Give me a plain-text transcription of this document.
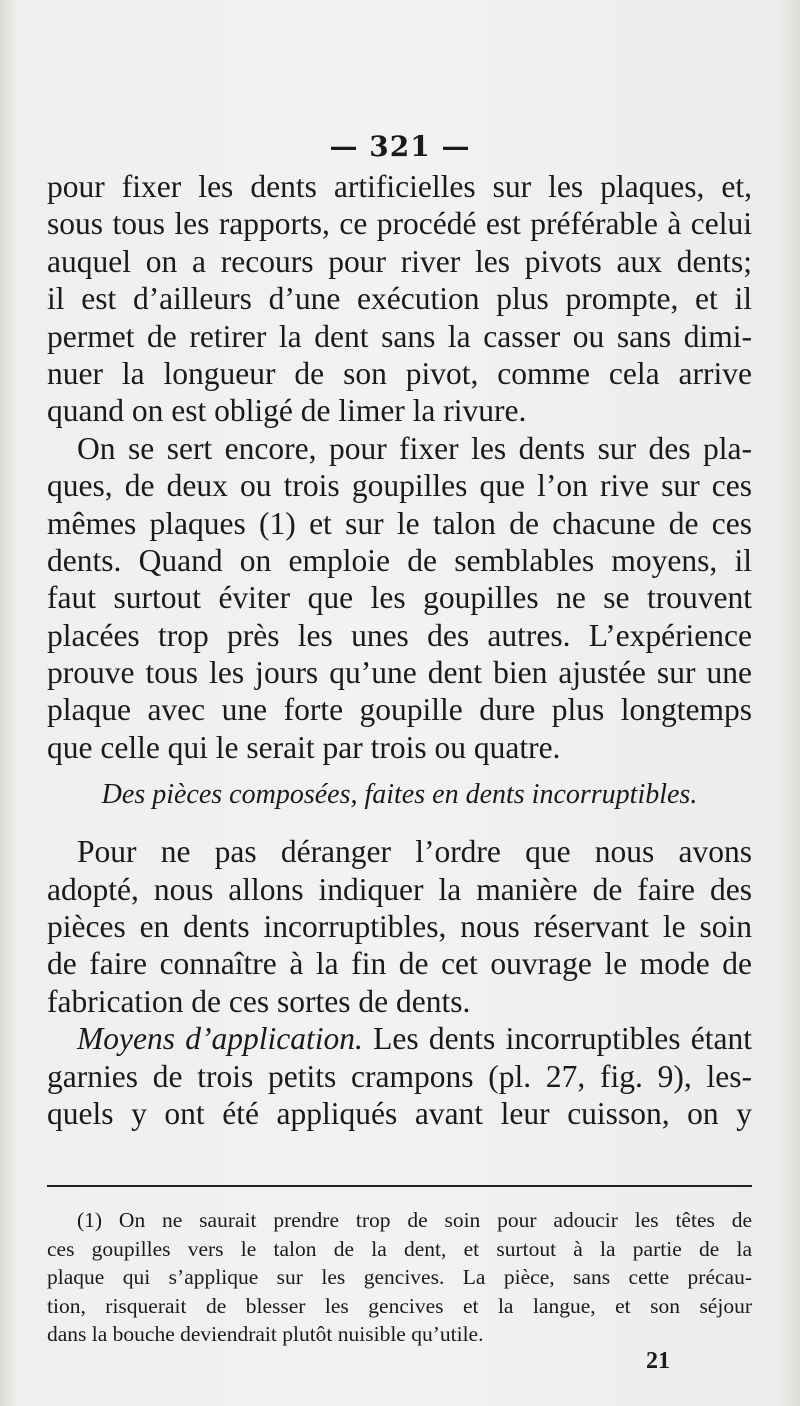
— 321 —
pour fixer les dents artificielles sur les plaques, et,
sous tous les rapports, ce procédé est préférable à celui
auquel on a recours pour river les pivots aux dents;
il est d’ailleurs d’une exécution plus prompte, et il
permet de retirer la dent sans la casser ou sans dimi-
nuer la longueur de son pivot, comme cela arrive
quand on est obligé de limer la rivure.
On se sert encore, pour fixer les dents sur des pla-
ques, de deux ou trois goupilles que l’on rive sur ces
mêmes plaques (1) et sur le talon de chacune de ces
dents. Quand on emploie de semblables moyens, il
faut surtout éviter que les goupilles ne se trouvent
placées trop près les unes des autres. L’expérience
prouve tous les jours qu’une dent bien ajustée sur une
plaque avec une forte goupille dure plus longtemps
que celle qui le serait par trois ou quatre.
Des pièces composées, faites en dents incorruptibles.
Pour ne pas déranger l’ordre que nous avons
adopté, nous allons indiquer la manière de faire des
pièces en dents incorruptibles, nous réservant le soin
de faire connaître à la fin de cet ouvrage le mode de
fabrication de ces sortes de dents.
Moyens d’application. Les dents incorruptibles étant
garnies de trois petits crampons (pl. 27, fig. 9), les-
quels y ont été appliqués avant leur cuisson, on y
(1) On ne saurait prendre trop de soin pour adoucir les têtes de
ces goupilles vers le talon de la dent, et surtout à la partie de la
plaque qui s’applique sur les gencives. La pièce, sans cette précau-
tion, risquerait de blesser les gencives et la langue, et son séjour
dans la bouche deviendrait plutôt nuisible qu’utile.
21
